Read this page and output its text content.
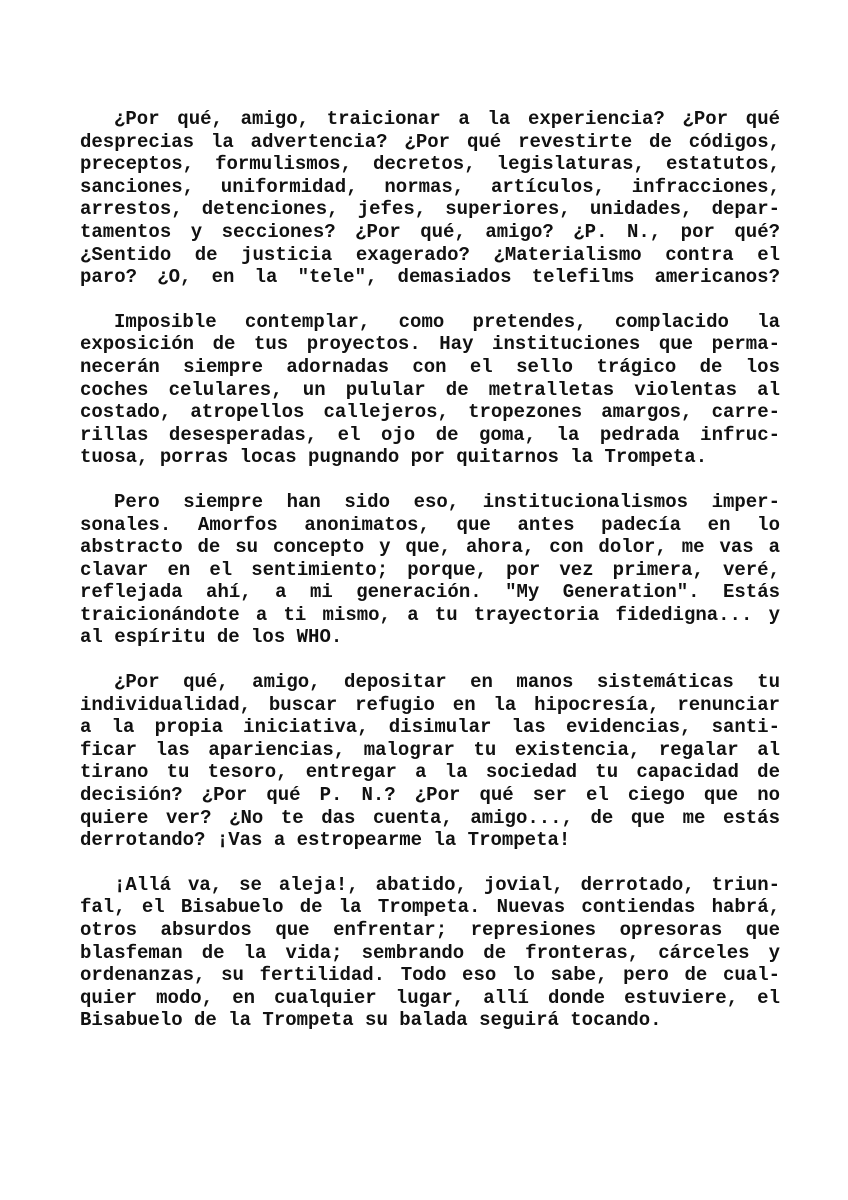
¿Por qué, amigo, traicionar a la experiencia? ¿Por qué
desprecias la advertencia? ¿Por qué revestirte de códigos,
preceptos, formulismos, decretos, legislaturas, estatutos,
sanciones, uniformidad, normas, artículos, infracciones,
arrestos, detenciones, jefes, superiores, unidades, depar-
tamentos y secciones? ¿Por qué, amigo? ¿P. N., por qué?
¿Sentido de justicia exagerado? ¿Materialismo contra el
paro? ¿O, en la "tele", demasiados telefilms americanos?

Imposible contemplar, como pretendes, complacido la
exposición de tus proyectos. Hay instituciones que perma-
necerán siempre adornadas con el sello trágico de los
coches celulares, un pulular de metralletas violentas al
costado, atropellos callejeros, tropezones amargos, carre-
rillas desesperadas, el ojo de goma, la pedrada infruc-
tuosa, porras locas pugnando por quitarnos la Trompeta.

Pero siempre han sido eso, institucionalismos imper-
sonales. Amorfos anonimatos, que antes padecía en lo
abstracto de su concepto y que, ahora, con dolor, me vas a
clavar en el sentimiento; porque, por vez primera, veré,
reflejada ahí, a mi generación. "My Generation". Estás
traicionándote a ti mismo, a tu trayectoria fidedigna... y
al espíritu de los WHO.

¿Por qué, amigo, depositar en manos sistemáticas tu
individualidad, buscar refugio en la hipocresía, renunciar
a la propia iniciativa, disimular las evidencias, santi-
ficar las apariencias, malograr tu existencia, regalar al
tirano tu tesoro, entregar a la sociedad tu capacidad de
decisión? ¿Por qué P. N.? ¿Por qué ser el ciego que no
quiere ver? ¿No te das cuenta, amigo..., de que me estás
derrotando? ¡Vas a estropearme la Trompeta!

¡Allá va, se aleja!, abatido, jovial, derrotado, triun-
fal, el Bisabuelo de la Trompeta. Nuevas contiendas habrá,
otros absurdos que enfrentar; represiones opresoras que
blasfeman de la vida; sembrando de fronteras, cárceles y
ordenanzas, su fertilidad. Todo eso lo sabe, pero de cual-
quier modo, en cualquier lugar, allí donde estuviere, el
Bisabuelo de la Trompeta su balada seguirá tocando.
